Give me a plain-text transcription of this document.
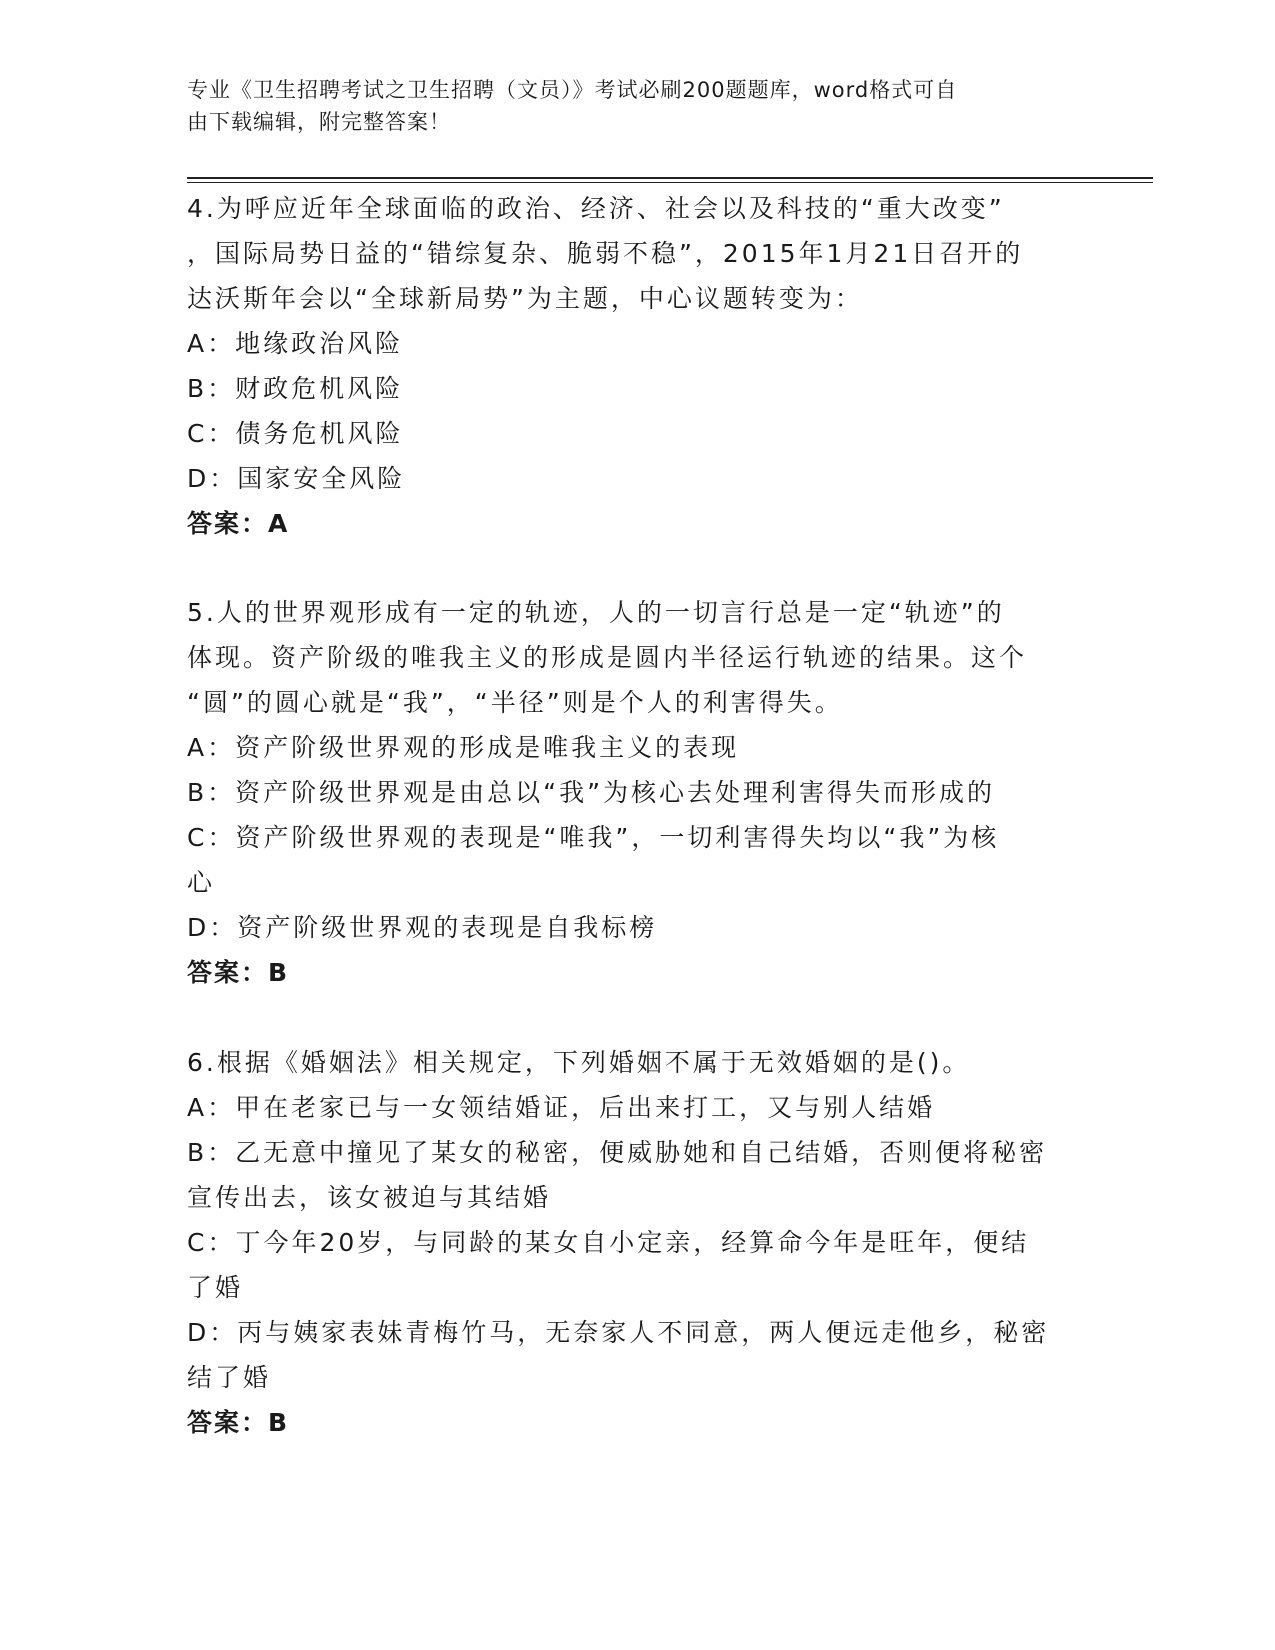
专业《卫生招聘考试之卫生招聘（文员）》考试必刷200题题库，word格式可自
由下载编辑，附完整答案！
4.为呼应近年全球面临的政治、经济、社会以及科技的“重大改变”
，国际局势日益的“错综复杂、脆弱不稳”，2015年1月21日召开的
达沃斯年会以“全球新局势”为主题，中心议题转变为：
A：地缘政治风险
B：财政危机风险
C：债务危机风险
D：国家安全风险
答案：A
5.人的世界观形成有一定的轨迹，人的一切言行总是一定“轨迹”的
体现。资产阶级的唯我主义的形成是圆内半径运行轨迹的结果。这个
“圆”的圆心就是“我”，“半径”则是个人的利害得失。
A：资产阶级世界观的形成是唯我主义的表现
B：资产阶级世界观是由总以“我”为核心去处理利害得失而形成的
C：资产阶级世界观的表现是“唯我”，一切利害得失均以“我”为核
心
D：资产阶级世界观的表现是自我标榜
答案：B
6.根据《婚姻法》相关规定，下列婚姻不属于无效婚姻的是()。
A：甲在老家已与一女领结婚证，后出来打工，又与别人结婚
B：乙无意中撞见了某女的秘密，便威胁她和自己结婚，否则便将秘密
宣传出去，该女被迫与其结婚
C：丁今年20岁，与同龄的某女自小定亲，经算命今年是旺年，便结
了婚
D：丙与姨家表妹青梅竹马，无奈家人不同意，两人便远走他乡，秘密
结了婚
答案：B
